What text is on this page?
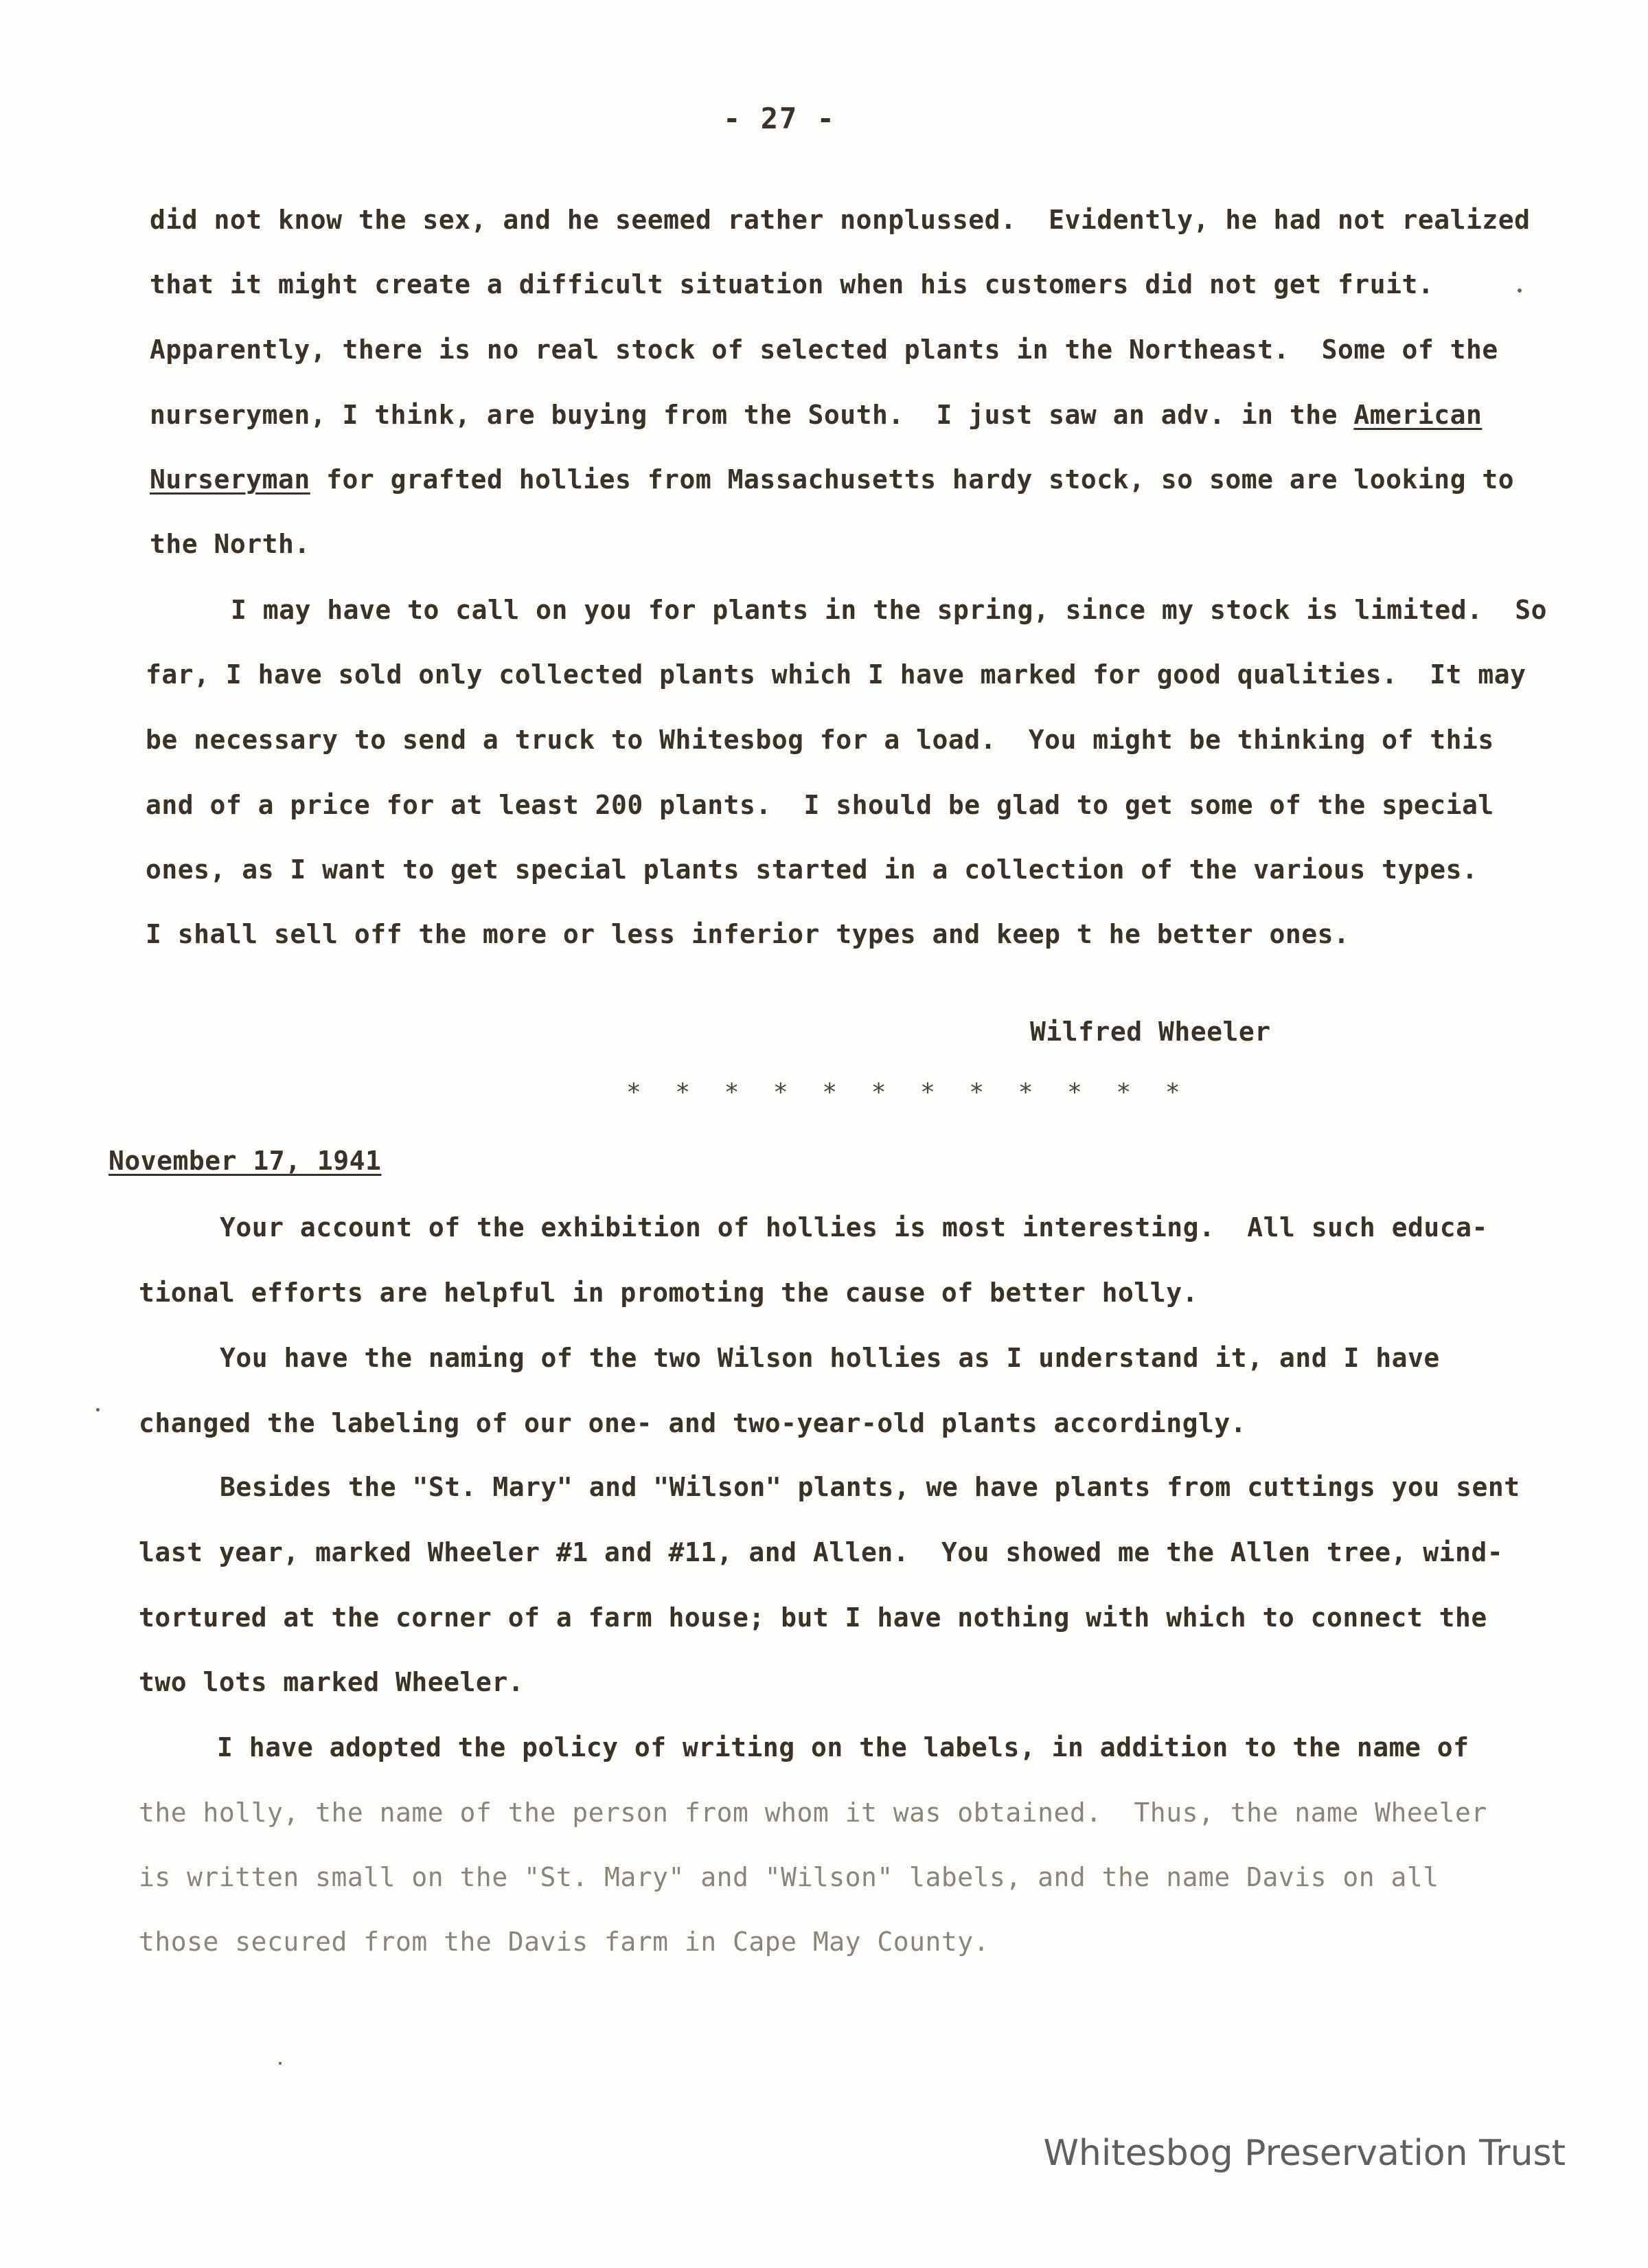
- 27 -
did not know the sex, and he seemed rather nonplussed.  Evidently, he had not realized
that it might create a difficult situation when his customers did not get fruit.
Apparently, there is no real stock of selected plants in the Northeast.  Some of the
nurserymen, I think, are buying from the South.  I just saw an adv. in the American
Nurseryman for grafted hollies from Massachusetts hardy stock, so some are looking to
the North.
I may have to call on you for plants in the spring, since my stock is limited.  So
far, I have sold only collected plants which I have marked for good qualities.  It may
be necessary to send a truck to Whitesbog for a load.  You might be thinking of this
and of a price for at least 200 plants.  I should be glad to get some of the special
ones, as I want to get special plants started in a collection of the various types.
I shall sell off the more or less inferior types and keep t he better ones.
Wilfred Wheeler
* * * * * * * * * * * *
November 17, 1941
Your account of the exhibition of hollies is most interesting.  All such educa-
tional efforts are helpful in promoting the cause of better holly.
You have the naming of the two Wilson hollies as I understand it, and I have
changed the labeling of our one- and two-year-old plants accordingly.
Besides the "St. Mary" and "Wilson" plants, we have plants from cuttings you sent
last year, marked Wheeler #1 and #11, and Allen.  You showed me the Allen tree, wind-
tortured at the corner of a farm house; but I have nothing with which to connect the
two lots marked Wheeler.
I have adopted the policy of writing on the labels, in addition to the name of
the holly, the name of the person from whom it was obtained.  Thus, the name Wheeler
is written small on the "St. Mary" and "Wilson" labels, and the name Davis on all
those secured from the Davis farm in Cape May County.
Whitesbog Preservation Trust
